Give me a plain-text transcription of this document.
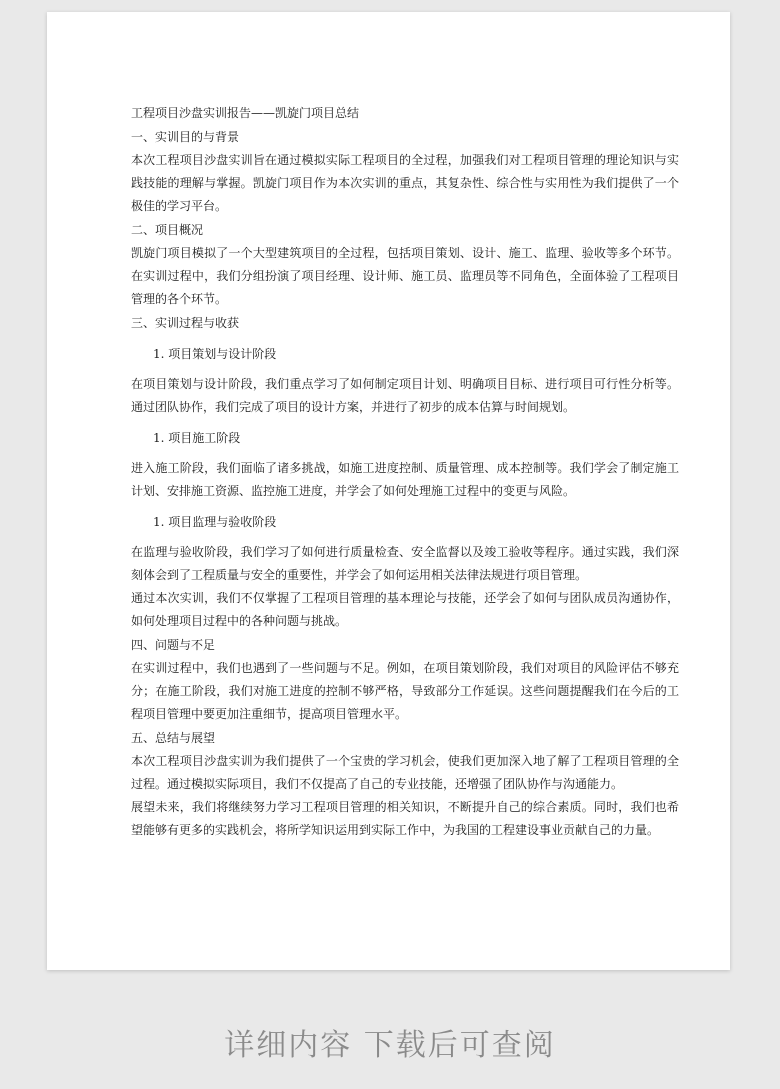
工程项目沙盘实训报告——凯旋门项目总结
一、实训目的与背景
本次工程项目沙盘实训旨在通过模拟实际工程项目的全过程，加强我们对工程项目管理的理论知识与实践技能的理解与掌握。凯旋门项目作为本次实训的重点，其复杂性、综合性与实用性为我们提供了一个极佳的学习平台。
二、项目概况
凯旋门项目模拟了一个大型建筑项目的全过程，包括项目策划、设计、施工、监理、验收等多个环节。在实训过程中，我们分组扮演了项目经理、设计师、施工员、监理员等不同角色，全面体验了工程项目管理的各个环节。
三、实训过程与收获
1. 项目策划与设计阶段
在项目策划与设计阶段，我们重点学习了如何制定项目计划、明确项目目标、进行项目可行性分析等。通过团队协作，我们完成了项目的设计方案，并进行了初步的成本估算与时间规划。
1. 项目施工阶段
进入施工阶段，我们面临了诸多挑战，如施工进度控制、质量管理、成本控制等。我们学会了制定施工计划、安排施工资源、监控施工进度，并学会了如何处理施工过程中的变更与风险。
1. 项目监理与验收阶段
在监理与验收阶段，我们学习了如何进行质量检查、安全监督以及竣工验收等程序。通过实践，我们深刻体会到了工程质量与安全的重要性，并学会了如何运用相关法律法规进行项目管理。
通过本次实训，我们不仅掌握了工程项目管理的基本理论与技能，还学会了如何与团队成员沟通协作，如何处理项目过程中的各种问题与挑战。
四、问题与不足
在实训过程中，我们也遇到了一些问题与不足。例如，在项目策划阶段，我们对项目的风险评估不够充分；在施工阶段，我们对施工进度的控制不够严格，导致部分工作延误。这些问题提醒我们在今后的工程项目管理中要更加注重细节，提高项目管理水平。
五、总结与展望
本次工程项目沙盘实训为我们提供了一个宝贵的学习机会，使我们更加深入地了解了工程项目管理的全过程。通过模拟实际项目，我们不仅提高了自己的专业技能，还增强了团队协作与沟通能力。
展望未来，我们将继续努力学习工程项目管理的相关知识，不断提升自己的综合素质。同时，我们也希望能够有更多的实践机会，将所学知识运用到实际工作中，为我国的工程建设事业贡献自己的力量。
详细内容 下载后可查阅
